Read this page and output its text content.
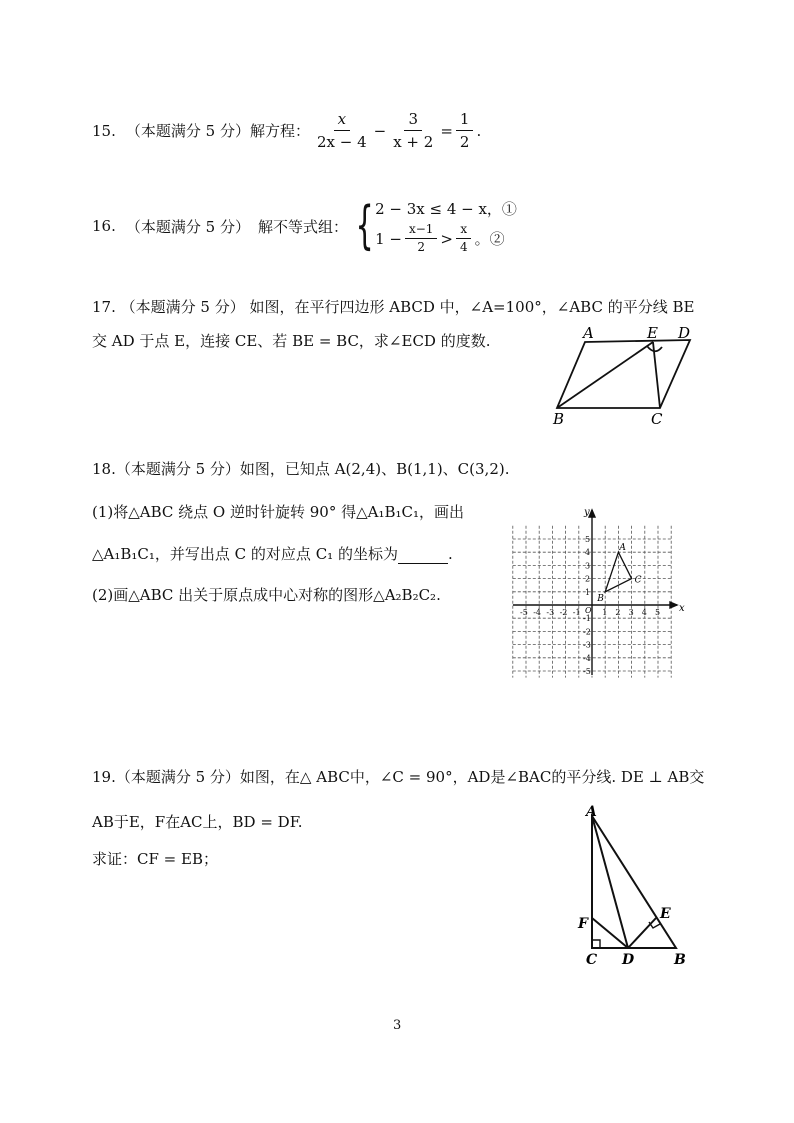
15. （本题满分 5 分） 解方程： $\frac{x}{2x - 4} - \frac{3}{x + 2} = \frac{1}{2}$ .
16. （本题满分 5 分） 解不等式组： { 2 − 3x ≤ 4 − x，①
$1 - \frac{x-1}{2} > \frac{x}{4}$ 。②
17. （本题满分 5 分） 如图，在平行四边形 ABCD 中，∠A=100°，∠ABC 的平分线 BE
交 AD 于点 E，连接 CE、若 BE = BC，求∠ECD 的度数.	A	E D
B	C
18.（本题满分 5 分）如图，已知点 A(2,4)、B(1,1)、C(3,2).
(1)将△ABC 绕点 O 逆时针旋转 90° 得△A₁B₁C₁，画出
△A₁B₁C₁，并写出点 C 的对应点 C₁ 的坐标为	.
(2)画△ABC 出关于原点成中心对称的图形△A₂B₂C₂.
-5 -4 -3 -2 -1	1 2 3 4 5
5
4
3
2
1
-1
-2
-3
-4
-5
x
y
O
A
B
C
19.（本题满分 5 分）如图，在△ ABC中，∠C = 90°，AD是∠BAC的平分线. DE ⊥ AB交
AB于E，F在AC上，BD = DF.
求证：CF = EB；
A
F
C D
E
B
3
